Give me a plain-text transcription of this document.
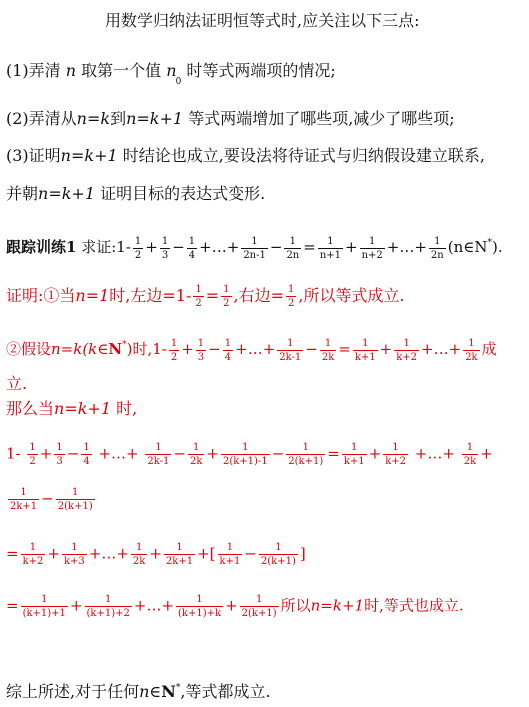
用数学归纳法证明恒等式时,应关注以下三点:
(1)弄清 n 取第一个值 $n_0$ 时等式两端项的情况;
(2)弄清从n=k到n=k+1 等式两端增加了哪些项,减少了哪些项;
(3)证明n=k+1 时结论也成立,要设法将待证式与归纳假设建立联系,
并朝n=k+1 证明目标的表达式变形.
跟踪训练1 求证:1- $\frac{1}{2} + \frac{1}{3} - \frac{1}{4}$ +…+ $\frac{1}{2n-1} - \frac{1}{2n} = \frac{1}{n+1} + \frac{1}{n+2}$ +…+ $\frac{1}{2n}$ (n∈N*).
证明:①当n=1时,左边$=1- \frac{1}{2} = \frac{1}{2}$ ,右边= $\frac{1}{2}$ ,所以等式成立.
②假设n=k(k∈N*)时$,1- \frac{1}{2} + \frac{1}{3} - \frac{1}{4}$ +…+ $\frac{1}{2k-1} - \frac{1}{2k} = \frac{1}{k+1} + \frac{1}{k+2}$ +…+ $\frac{1}{2k}$ 成
立.
那么当n=k+1 时,
$1- \frac{1}{2} + \frac{1}{3} - \frac{1}{4}$ +…+ $\frac{1}{2k-1} - \frac{1}{2k} + \frac{1}{2(k+1)-1} - \frac{1}{2(k+1)} = \frac{1}{k+1} + \frac{1}{k+2}$ +…+ $\frac{1}{2k}$ +
$\frac{1}{2k+1} - \frac{1}{2(k+1)}$
= $\frac{1}{k+2} + \frac{1}{k+3}$ +…+ $\frac{1}{2k} + \frac{1}{2k+1}$ +[ $\frac{1}{k+1} - \frac{1}{2(k+1)}$ ]
= $\frac{1}{(k+1)+1} + \frac{1}{(k+1)+2}$ +…+ $\frac{1}{(k+1)+k} + \frac{1}{2(k+1)}$ 所以n=k+1时,等式也成立.
综上所述,对于任何n∈N*,等式都成立.
